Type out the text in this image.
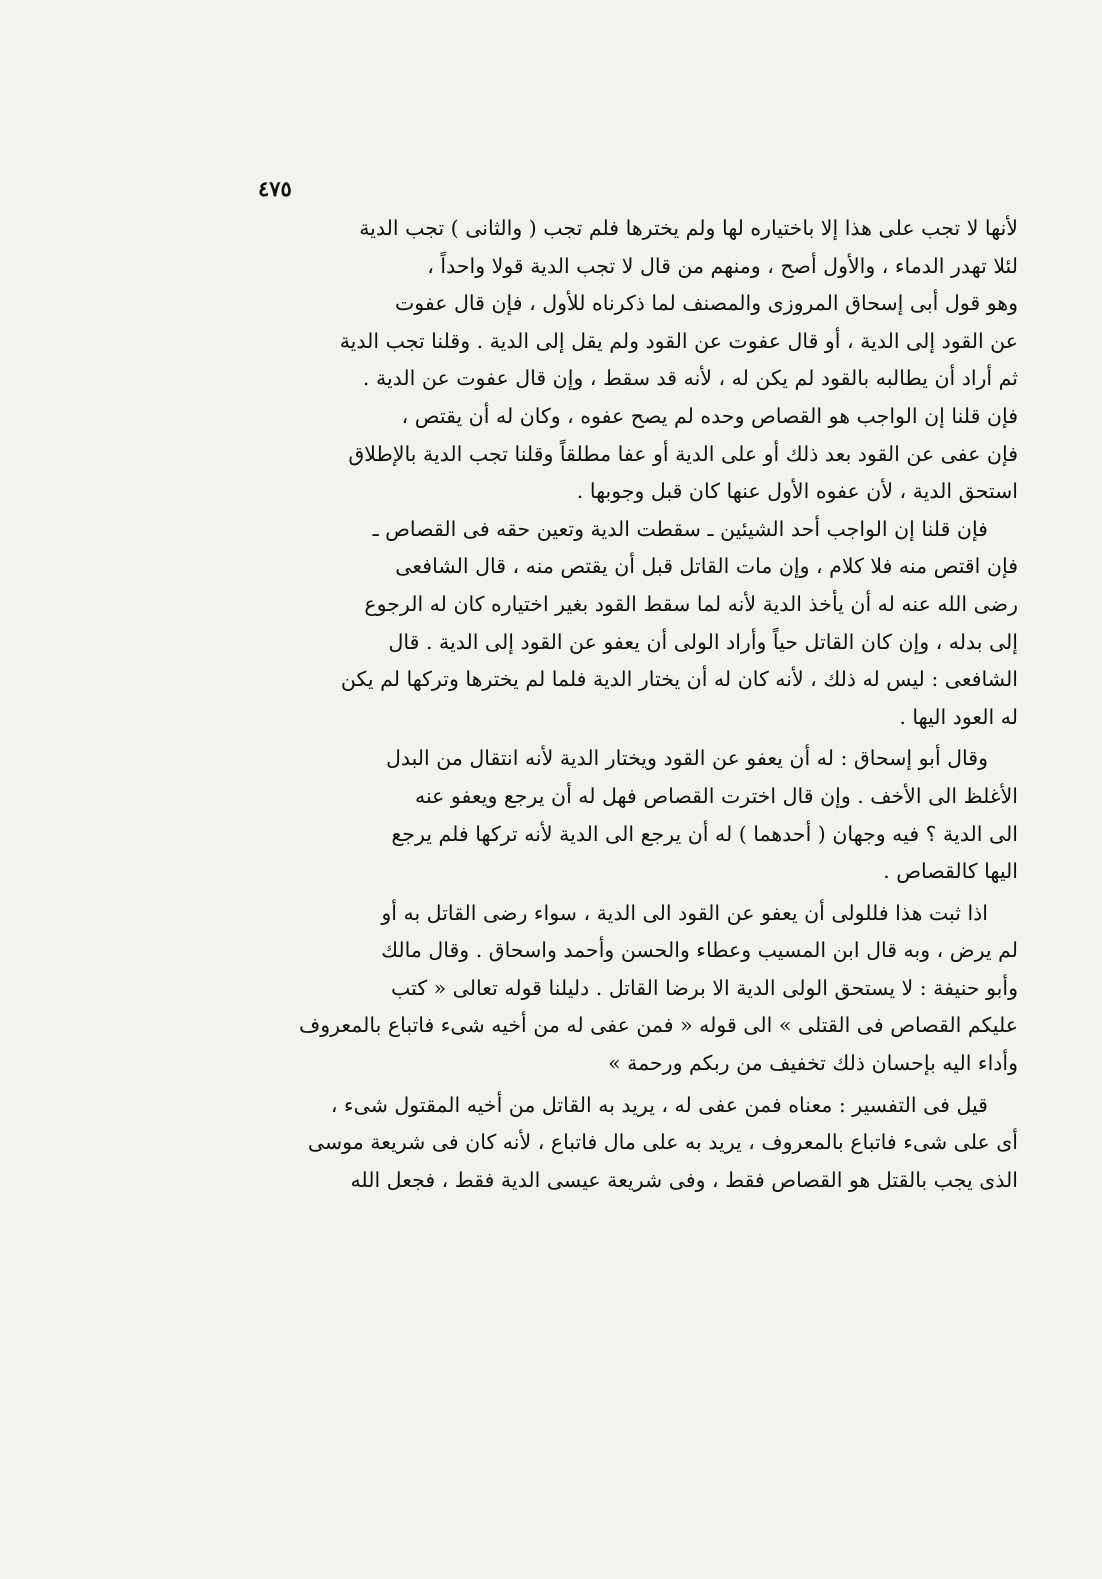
٤٧٥
لأنها لا تجب على هذا إلا باختياره لها ولم يخترها فلم تجب ( والثانى ) تجب الدية
لئلا تهدر الدماء ، والأول أصح ، ومنهم من قال لا تجب الدية قولا واحداً ،
وهو قول أبى إسحاق المروزى والمصنف لما ذكرناه للأول ، فإن قال عفوت
عن القود إلى الدية ، أو قال عفوت عن القود ولم يقل إلى الدية . وقلنا تجب الدية
ثم أراد أن يطالبه بالقود لم يكن له ، لأنه قد سقط ، وإن قال عفوت عن الدية .
فإن قلنا إن الواجب هو القصاص وحده لم يصح عفوه ، وكان له أن يقتص ،
فإن عفى عن القود بعد ذلك أو على الدية أو عفا مطلقاً وقلنا تجب الدية بالإطلاق
استحق الدية ، لأن عفوه الأول عنها كان قبل وجوبها .
فإن قلنا إن الواجب أحد الشيئين ـ سقطت الدية وتعين حقه فى القصاص ـ
فإن اقتص منه فلا كلام ، وإن مات القاتل قبل أن يقتص منه ، قال الشافعى
رضى الله عنه له أن يأخذ الدية لأنه لما سقط القود بغير اختياره كان له الرجوع
إلى بدله ، وإن كان القاتل حياً وأراد الولى أن يعفو عن القود إلى الدية . قال
الشافعى : ليس له ذلك ، لأنه كان له أن يختار الدية فلما لم يخترها وتركها لم يكن
له العود اليها .
وقال أبو إسحاق : له أن يعفو عن القود ويختار الدية لأنه انتقال من البدل
الأغلظ الى الأخف . وإن قال اخترت القصاص فهل له أن يرجع ويعفو عنه
الى الدية ؟ فيه وجهان ( أحدهما ) له أن يرجع الى الدية لأنه تركها فلم يرجع
اليها كالقصاص .
اذا ثبت هذا فللولى أن يعفو عن القود الى الدية ، سواء رضى القاتل به أو
لم يرض ، وبه قال ابن المسيب وعطاء والحسن وأحمد واسحاق . وقال مالك
وأبو حنيفة : لا يستحق الولى الدية الا برضا القاتل . دليلنا قوله تعالى « كتب
عليكم القصاص فى القتلى » الى قوله « فمن عفى له من أخيه شىء فاتباع بالمعروف
وأداء اليه بإحسان ذلك تخفيف من ربكم ورحمة »
قيل فى التفسير : معناه فمن عفى له ، يريد به القاتل من أخيه المقتول شىء ،
أى على شىء فاتباع بالمعروف ، يريد به على مال فاتباع ، لأنه كان فى شريعة موسى
الذى يجب بالقتل هو القصاص فقط ، وفى شريعة عيسى الدية فقط ، فجعل الله
